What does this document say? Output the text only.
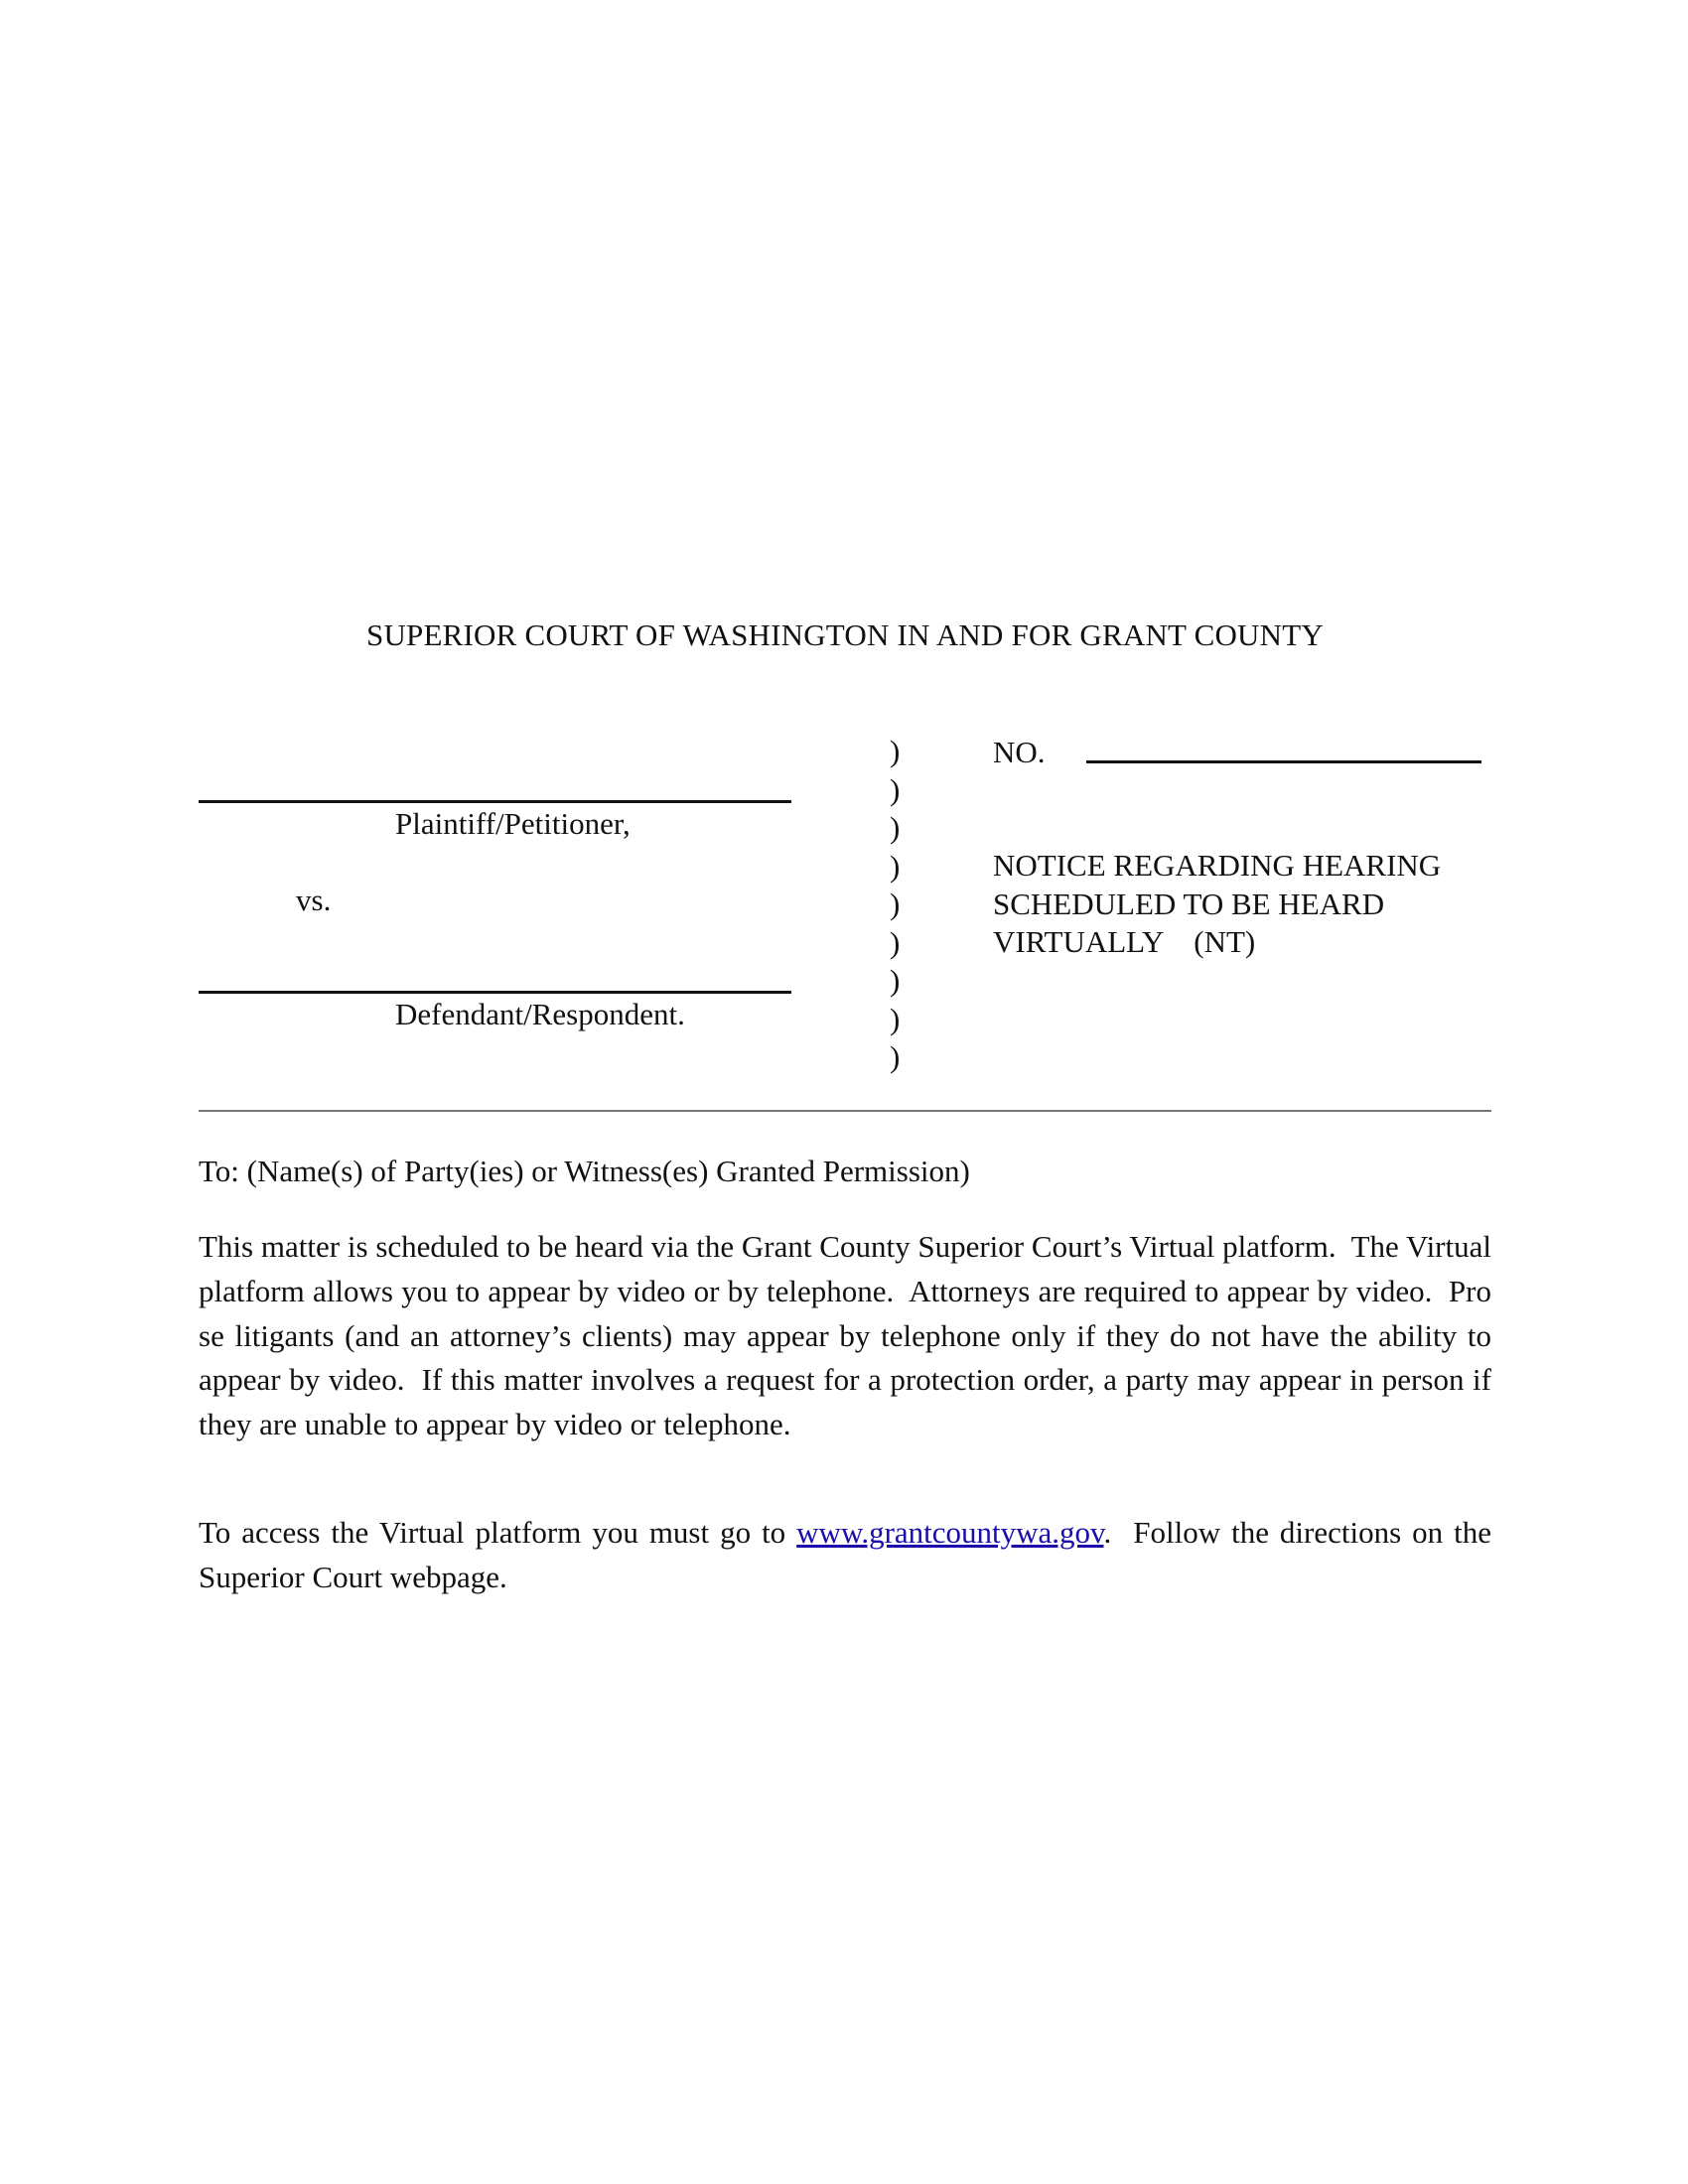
SUPERIOR COURT OF WASHINGTON IN AND FOR GRANT COUNTY
Plaintiff/Petitioner,
vs.
Defendant/Respondent.
)
)
)
)
)
)
)
)
)
NO.
NOTICE REGARDING HEARING
SCHEDULED TO BE HEARD
VIRTUALLY    (NT)
To: (Name(s) of Party(ies) or Witness(es) Granted Permission)
This matter is scheduled to be heard via the Grant County Superior Court’s Virtual platform.  The Virtual platform allows you to appear by video or by telephone.  Attorneys are required to appear by video.  Pro se litigants (and an attorney’s clients) may appear by telephone only if they do not have the ability to appear by video.  If this matter involves a request for a protection order, a party may appear in person if they are unable to appear by video or telephone.
To access the Virtual platform you must go to www.grantcountywa.gov.  Follow the directions on the Superior Court webpage.
